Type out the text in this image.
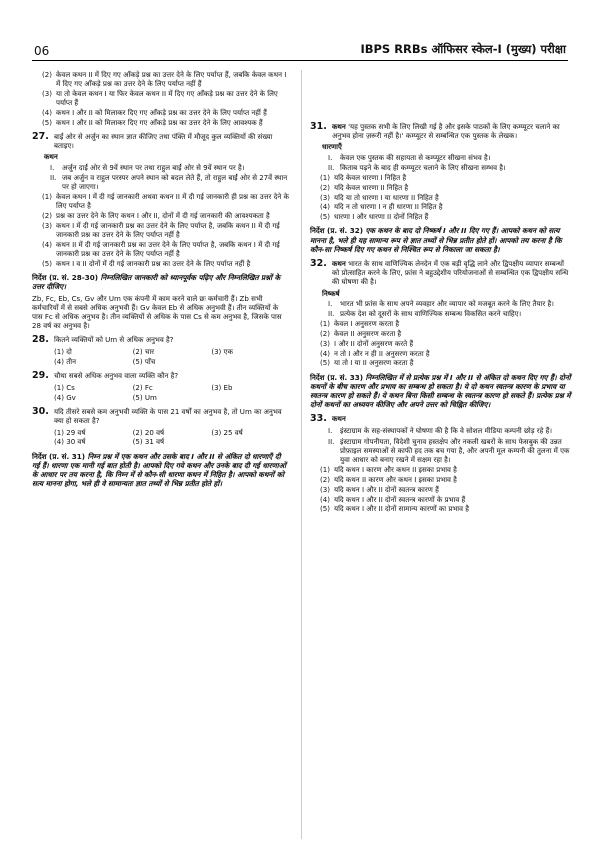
06	IBPS RRBs ऑफिसर स्केल-I (मुख्य) परीक्षा
(2) केवल कथन II में दिए गए आँकड़े प्रश्न का उत्तर देने के लिए पर्याप्त हैं, जबकि केवल कथन I में दिए गए आँकड़े प्रश्न का उत्तर देने के लिए पर्याप्त नहीं हैं
(3) या तो केवल कथन I या फिर केवल कथन II में दिए गए आँकड़े प्रश्न का उत्तर देने के लिए पर्याप्त हैं
(4) कथन I और II को मिलाकर दिए गए आँकड़े प्रश्न का उत्तर देने के लिए पर्याप्त नहीं हैं
(5) कथन I और II को मिलाकर दिए गए आँकड़े प्रश्न का उत्तर देने के लिए आवश्यक हैं
27. बाईं ओर से अर्जुन का स्थान ज्ञात कीजिए तथा पंक्ति में मौजूद कुल व्यक्तियों की संख्या बताइए।
कथन
I.	अर्जुन दाईं ओर से 9वें स्थान पर तथा राहुल बाईं ओर से 9वें स्थान पर है।
II. जब अर्जुन व राहुल परस्पर अपने स्थान को बदल लेते हैं, तो राहुल बाईं ओर से 27वें स्थान पर हो जाएगा।
(1) केवल कथन I में दी गई जानकारी अथवा कथन II में दी गई जानकारी ही प्रश्न का उत्तर देने के लिए पर्याप्त है
(2) प्रश्न का उत्तर देने के लिए कथन I और II, दोनों में दी गई जानकारी की आवश्यकता है
(3) कथन I में दी गई जानकारी प्रश्न का उत्तर देने के लिए पर्याप्त है, जबकि कथन II में दी गई जानकारी प्रश्न का उत्तर देने के लिए पर्याप्त नहीं है
(4) कथन II में दी गई जानकारी प्रश्न का उत्तर देने के लिए पर्याप्त है, जबकि कथन I में दी गई जानकारी प्रश्न का उत्तर देने के लिए पर्याप्त नहीं है
(5) कथन I व II दोनों में दी गई जानकारी प्रश्न का उत्तर देने के लिए पर्याप्त नहीं है
निर्देश (प्र. सं. 28-30) निम्नलिखित जानकारी को ध्यानपूर्वक पढ़िए और निम्नलिखित प्रश्नों के उत्तर दीजिए।
Zb, Fc, Eb, Cs, Gv और Um एक कंपनी में काम करने वाले छः कर्मचारी हैं। Zb सभी कर्मचारियों में से सबसे अधिक अनुभवी हैं। Gv केवल Eb से अधिक अनुभवी हैं। तीन व्यक्तियों के पास Fc से अधिक अनुभव है। तीन व्यक्तियों से अधिक के पास Cs से कम अनुभव है, जिसके पास 28 वर्ष का अनुभव है।
28. कितने व्यक्तियों को Um से अधिक अनुभव है?
(1) दो	(2) चार	(3) एक
(4) तीन	(5) पाँच
29. चौथा सबसे अधिक अनुभव वाला व्यक्ति कौन है?
(1) Cs	(2) Fc	(3) Eb
(4) Gv	(5) Um
30. यदि तीसरे सबसे कम अनुभवी व्यक्ति के पास 21 वर्षों का अनुभव है, तो Um का अनुभव क्या हो सकता है?
(1) 29 वर्ष	(2) 20 वर्ष	(3) 25 वर्ष
(4) 30 वर्ष	(5) 31 वर्ष
निर्देश (प्र. सं. 31) निम्न प्रश्न में एक कथन और उसके बाद I और II से अंकित दो धारणाएँ दी गई हैं। धारणा एक मानी गई बात होती है। आपको दिए गये कथन और उनके बाद दी गई धारणाओं के आधार पर तय करना है, कि निम्न में से कौन-सी धारणा कथन में निहित है। आपको कथनों को सत्य मानना होगा, भले ही वे सामान्यतः ज्ञात तथ्यों से भिन्न प्रतीत होते हों।
31. कथन 'यह पुस्तक सभी के लिए लिखी गई है और इसके पाठकों के लिए कम्प्यूटर चलाने का अनुभव होना ज़रूरी नहीं है।' कम्प्यूटर से सम्बन्धित एक पुस्तक के लेखक।
धारणाएँ
I.	केवल एक पुस्तक की सहायता से कम्प्यूटर सीखना संभव है।
II. किताब पढ़ने के बाद ही कम्प्यूटर चलाने के लिए सीखना सम्भव है।
(1) यदि केवल धारणा I निहित है
(2) यदि केवल धारणा II निहित है
(3) यदि या तो धारणा I या धारणा II निहित है
(4) यदि न तो धारणा I न ही धारणा II निहित है
(5) धारणा I और धारणा II दोनों निहित हैं
निर्देश (प्र. सं. 32) एक कथन के बाद दो निष्कर्ष I और II दिए गए हैं। आपको कथन को सत्य मानना है, भले ही यह सामान्य रूप से ज्ञात तथ्यों से भिन्न प्रतीत होते हों। आपको तय करना है कि कौन-सा निष्कर्ष दिए गए कथन से निश्चित रूप से निकाला जा सकता है।
32. कथन भारत के साथ वाणिज्यिक लेनदेन में एक बड़ी वृद्धि लाने और द्विपक्षीय व्यापार सम्बन्धों को प्रोत्साहित करने के लिए, फ्रांस ने बहुउद्देशीय परियोजनाओं से सम्बन्धित एक द्विपक्षीय सन्धि की घोषणा की है।
निष्कर्ष
I.	भारत भी फ्रांस के साथ अपने व्यवहार और व्यापार को मजबूत करने के लिए तैयार है।
II. प्रत्येक देश को दूसरों के साथ वाणिज्यिक सम्बन्ध विकसित करने चाहिए।
(1) केवल I अनुसरण करता है
(2) केवल II अनुसरण करता है
(3) I और II दोनों अनुसरण करते हैं
(4) न तो I और न ही II अनुसरण करता है
(5) या तो I या II अनुसरण करता है
निर्देश (प्र. सं. 33) निम्नलिखित में से प्रत्येक प्रश्न में I और II से अंकित दो कथन दिए गए हैं। दोनों कथनों के बीच कारण और प्रभाव का सम्बन्ध हो सकता है। ये दो कथन स्वतन्त्र कारण के प्रभाव या स्वतन्त्र कारण हो सकते हैं। ये कथन बिना किसी सम्बन्ध के स्वतन्त्र कारण हो सकते हैं। प्रत्येक प्रश्न में दोनों कथनों का अध्ययन कीजिए और अपने उत्तर को चिह्नित कीजिए।
33. कथन
I.	इंस्टाग्राम के सह-संस्थापकों ने घोषणा की है कि वे सोशल मीडिया कम्पनी छोड़ रहे हैं।
II. इंस्टाग्राम गोपनीयता, विदेशी चुनाव हस्तक्षेप और नकली खबरों के साथ फेसबुक की उन्नत प्रोफ़ाइल समस्याओं से काफी हद तक बच गया है, और अपनी मूल कम्पनी की तुलना में एक युवा आधार को बनाए रखने में सक्षम रहा है।
(1) यदि कथन I कारण और कथन II इसका प्रभाव है
(2) यदि कथन II कारण और कथन I इसका प्रभाव है
(3) यदि कथन I और II दोनों स्वतन्त्र कारण हैं
(4) यदि कथन I और II दोनों स्वतन्त्र कारणों के प्रभाव हैं
(5) यदि कथन I और II दोनों सामान्य कारणों का प्रभाव है
